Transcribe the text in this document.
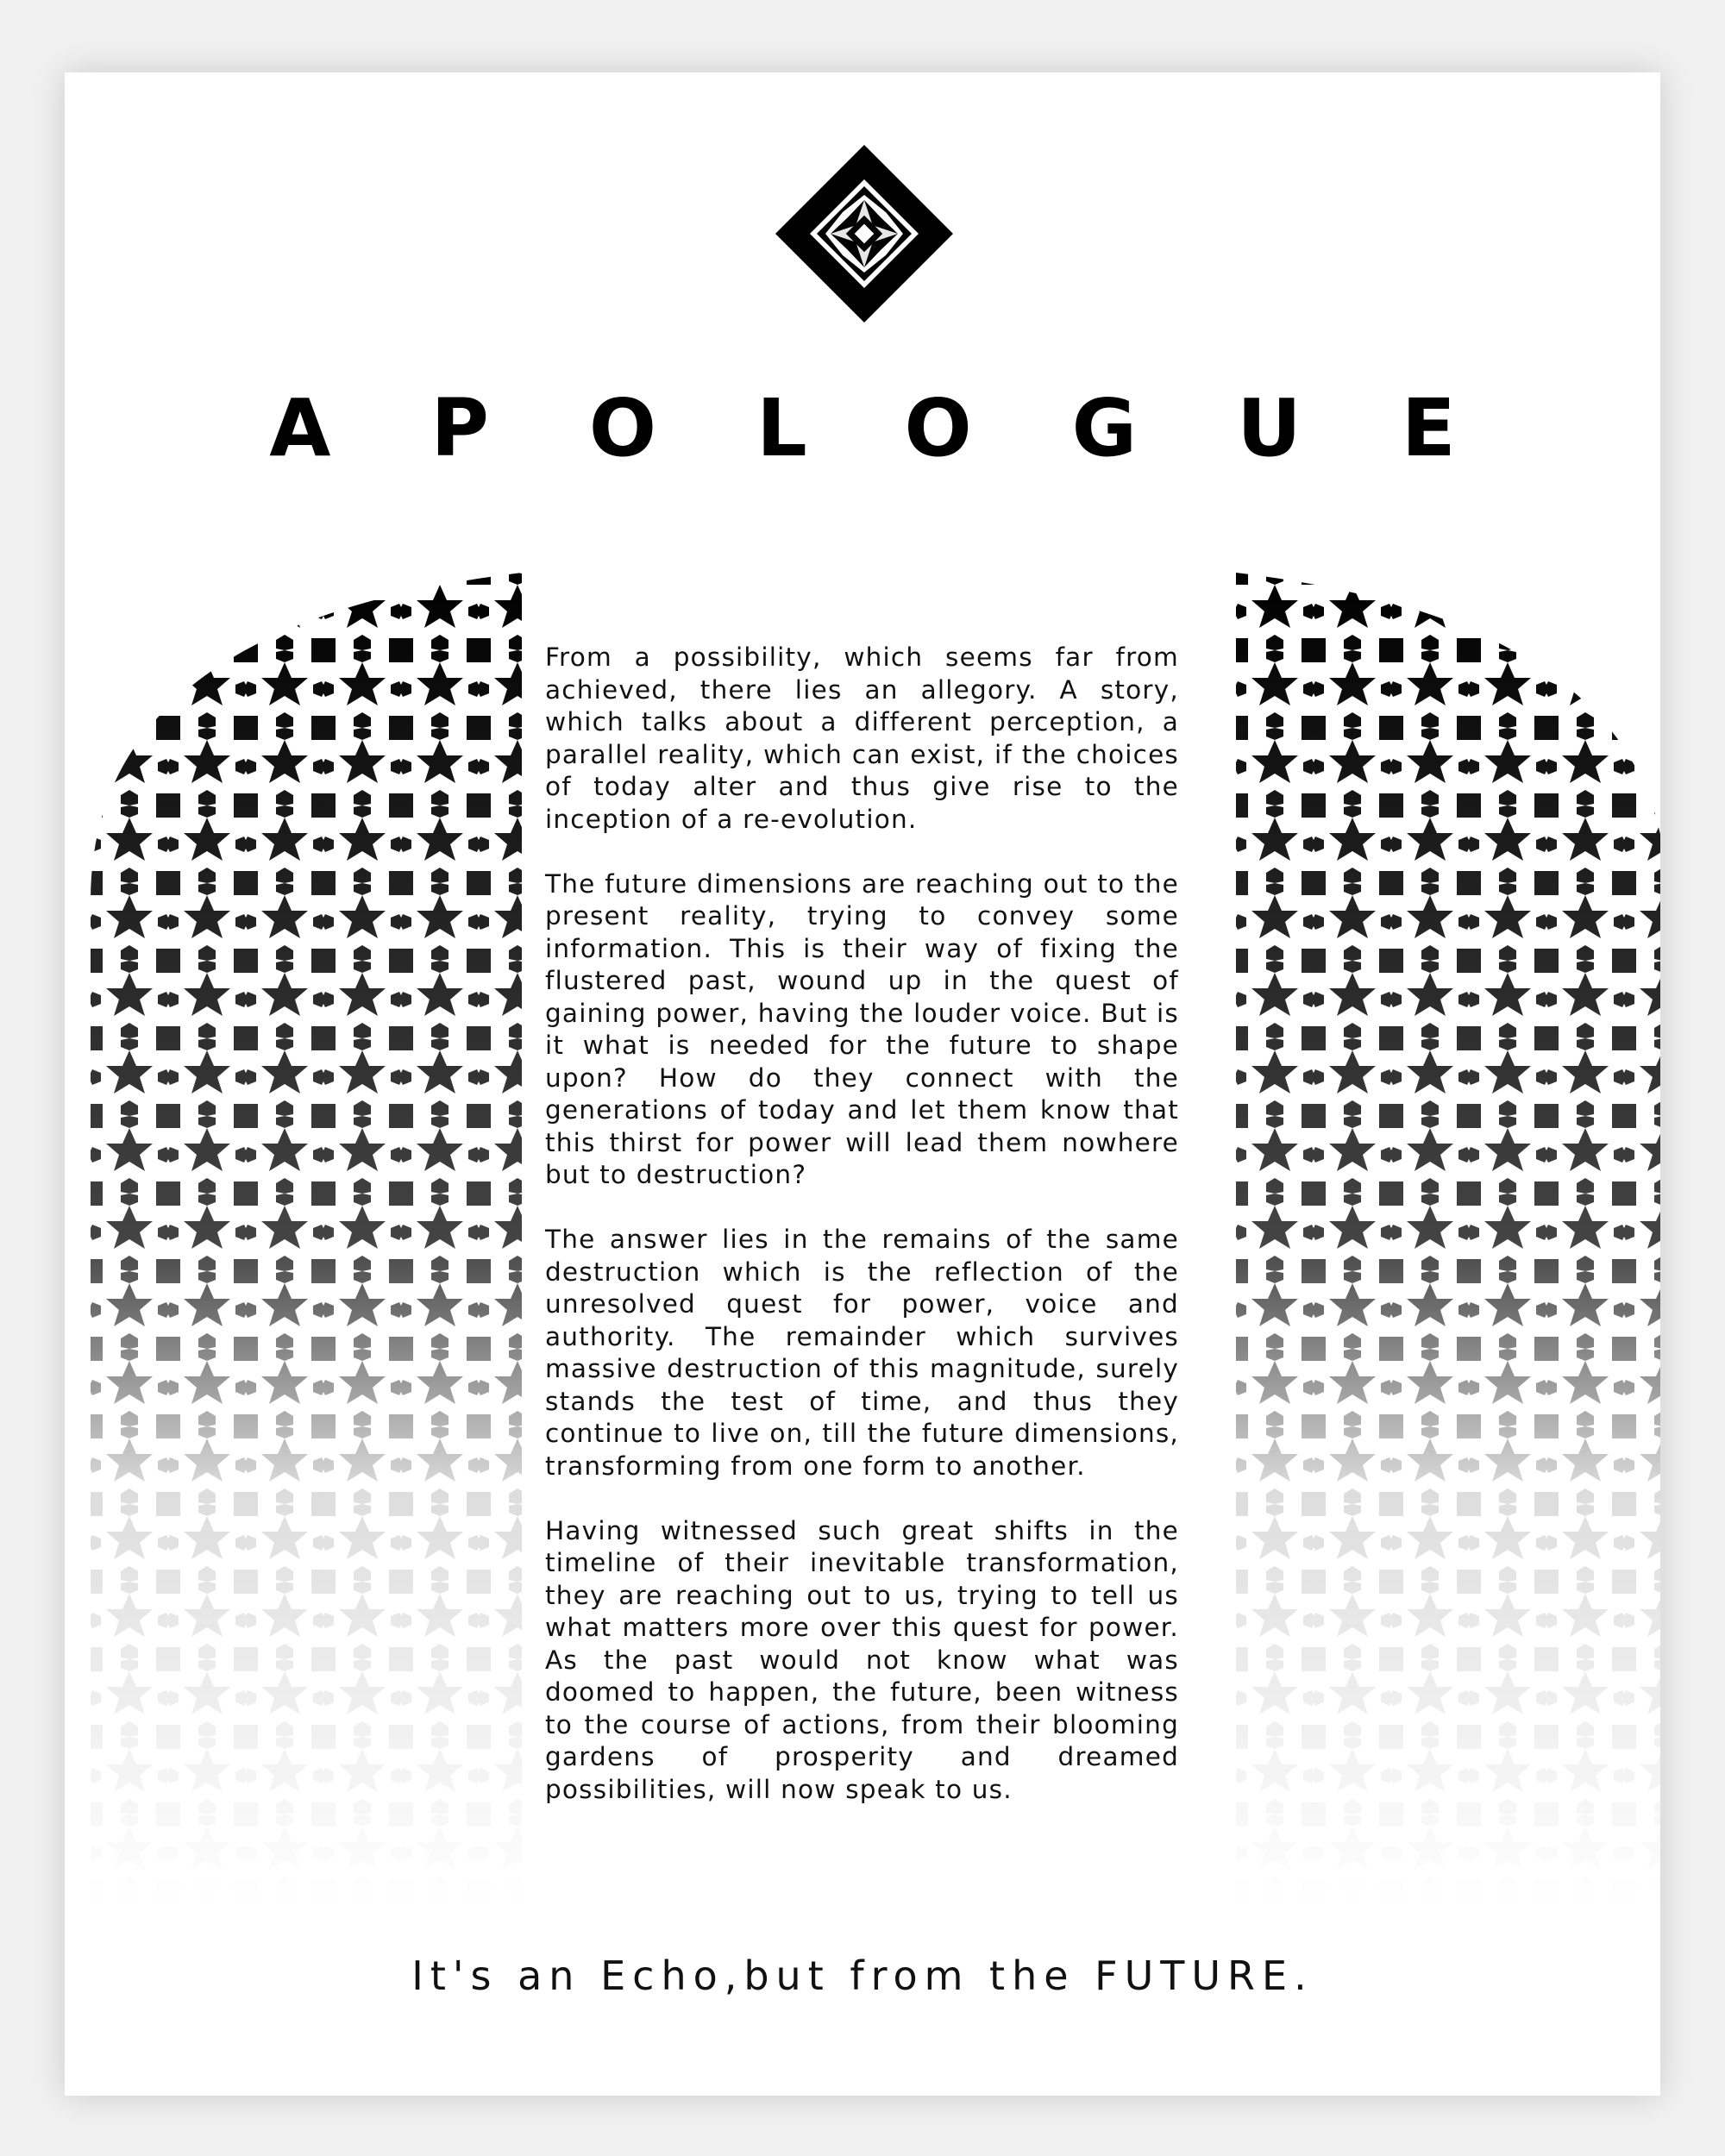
APOLOGUE

From a possibility, which seems far from achieved, there lies an allegory. A story, which talks about a different perception, a parallel reality, which can exist, if the choices of today alter and thus give rise to the inception of a re-evolution.

The future dimensions are reaching out to the present reality, trying to convey some information. This is their way of fixing the flustered past, wound up in the quest of gaining power, having the louder voice. But is it what is needed for the future to shape upon? How do they connect with the generations of today and let them know that this thirst for power will lead them nowhere but to destruction?

The answer lies in the remains of the same destruction which is the reflection of the unresolved quest for power, voice and authority. The remainder which survives massive destruction of this magnitude, surely stands the test of time, and thus they continue to live on, till the future dimensions, transforming from one form to another.

Having witnessed such great shifts in the timeline of their inevitable transformation, they are reaching out to us, trying to tell us what matters more over this quest for power. As the past would not know what was doomed to happen, the future, been witness to the course of actions, from their blooming gardens of prosperity and dreamed possibilities, will now speak to us.

It's an Echo,but from the FUTURE.
